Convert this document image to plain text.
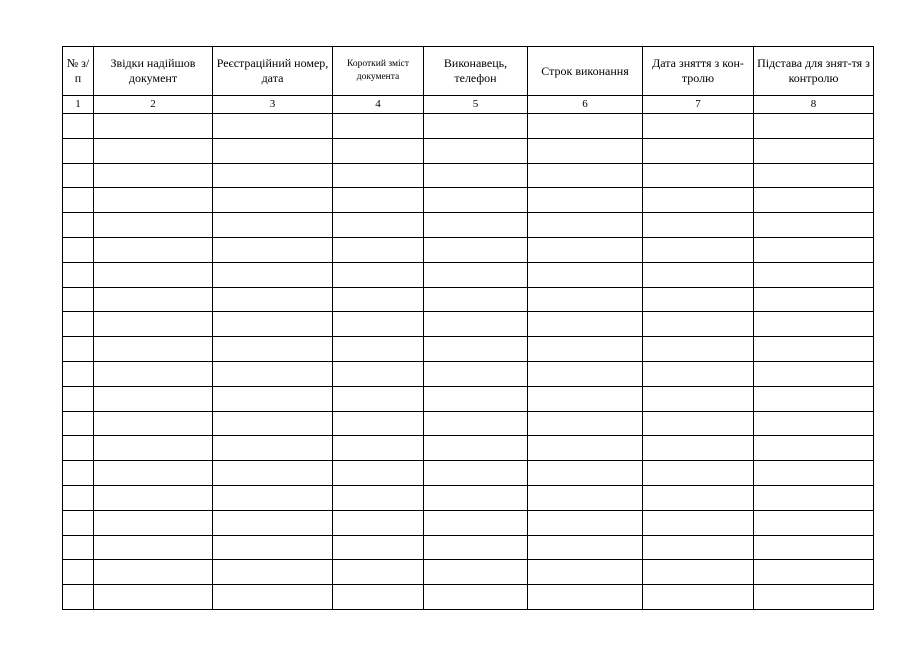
№ з/п	Звідки надійшов документ	Реєстраційний номер, дата	Короткий зміст документа	Виконавець, телефон	Строк виконання	Дата зняття з кон-тролю	Підстава для знят-тя з контролю

1	2	3	4	5	6	7	8
